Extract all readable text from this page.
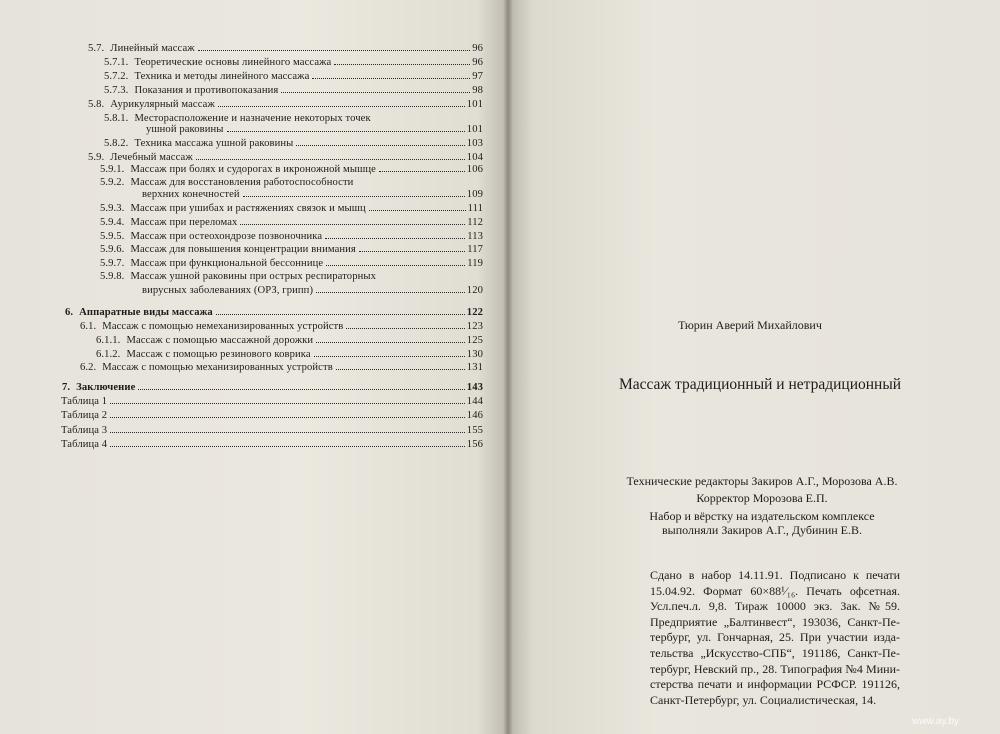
5.7. Линейный массаж	96
5.7.1. Теоретические основы линейного массажа	96
5.7.2. Техника и методы линейного массажа	97
5.7.3. Показания и противопоказания	98
5.8. Аурикулярный массаж	101
5.8.1. Месторасположение и назначение некоторых точек
ушной раковины	101
5.8.2. Техника массажа ушной раковины	103
5.9. Лечебный массаж	104
5.9.1. Массаж при болях и судорогах в икроножной мышце	106
5.9.2. Массаж для восстановления работоспособности
верхних конечностей	109
5.9.3. Массаж при ушибах и растяжениях связок и мышц	111
5.9.4. Массаж при переломах	112
5.9.5. Массаж при остеохондрозе позвоночника	113
5.9.6. Массаж для повышения концентрации внимания	117
5.9.7. Массаж при функциональной бессоннице	119
5.9.8. Массаж ушной раковины при острых респираторных
вирусных заболеваниях (ОРЗ, грипп)	120
6. Аппаратные виды массажа	122
6.1. Массаж с помощью немеханизированных устройств	123
6.1.1. Массаж с помощью массажной дорожки	125
6.1.2. Массаж с помощью резинового коврика	130
6.2. Массаж с помощью механизированных устройств	131
7. Заключение	143
Таблица 1	144
Таблица 2	146
Таблица 3	155
Таблица 4	156
Тюрин Аверий Михайлович
Массаж традиционный и нетрадиционный
Технические редакторы Закиров А.Г., Морозова А.В.
Корректор Морозова Е.П.
Набор и вёрстку на издательском комплексе
выполняли Закиров А.Г., Дубинин Е.В.
Сдано в набор 14.11.91. Подписано к печати
15.04.92. Формат 60×88¹⁄₁₆. Печать офсетная.
Усл.печ.л. 9,8. Тираж 10000 экз. Зак. №59.
Предприятие „Балтинвест“, 193036, Санкт-Пе-
тербург, ул. Гончарная, 25. При участии изда-
тельства „Искусство-СПБ“, 191186, Санкт-Пе-
тербург, Невский пр., 28. Типография №4 Мини-
стерства печати и информации РСФСР. 191126,
Санкт-Петербург, ул. Социалистическая, 14.
www.ay.by
